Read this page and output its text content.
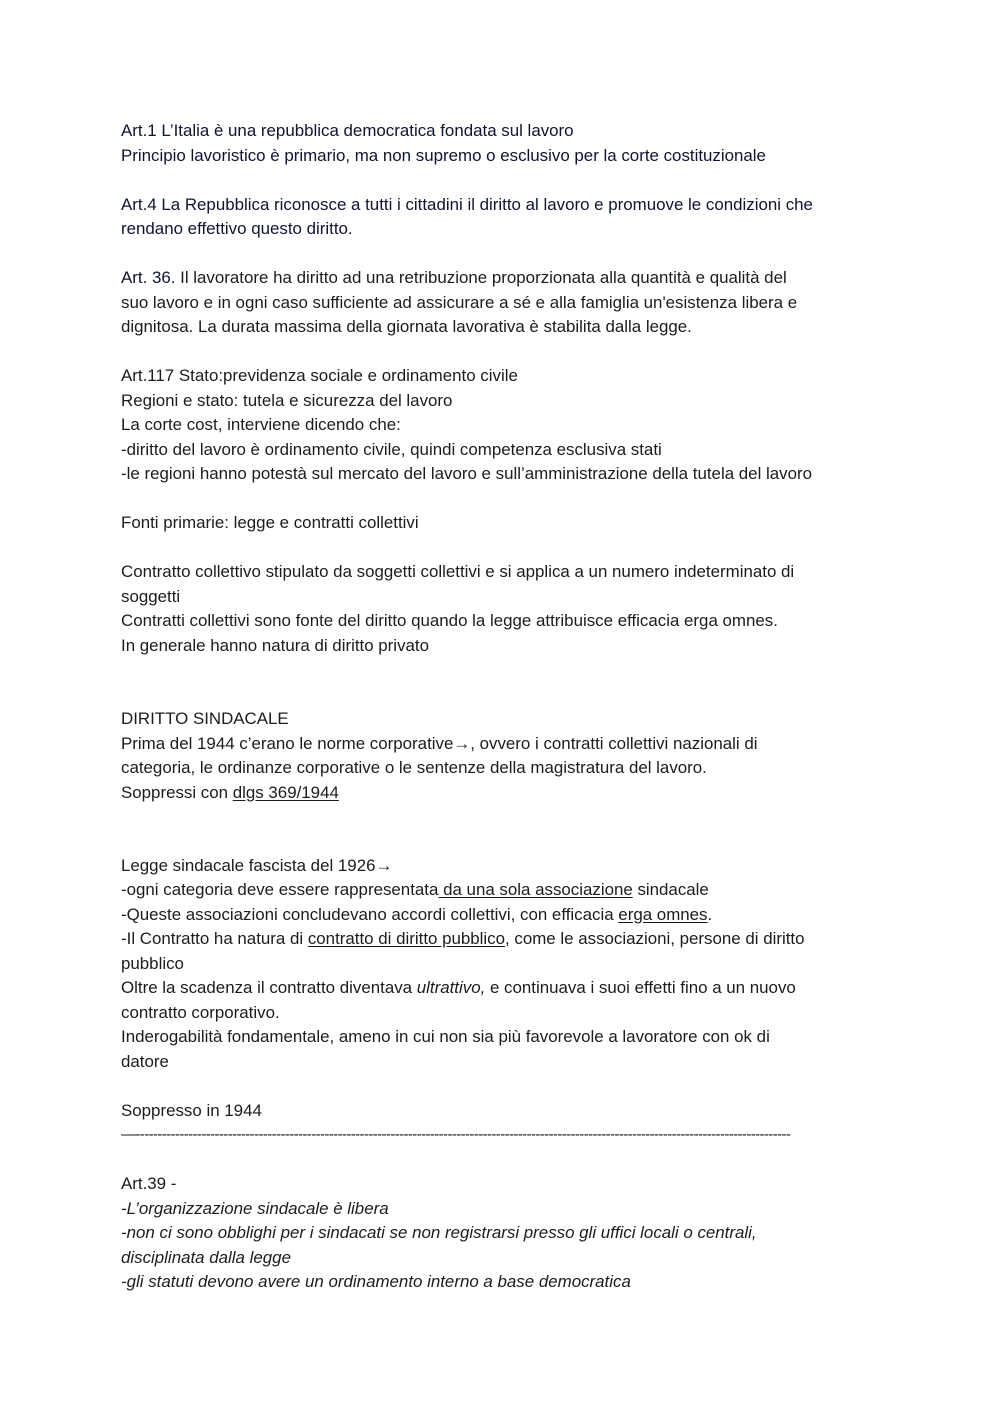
Art.1 L’Italia è una repubblica democratica fondata sul lavoro

Principio lavoristico è primario, ma non supremo o esclusivo per la corte costituzionale

Art.4 La Repubblica riconosce a tutti i cittadini il diritto al lavoro e promuove le condizioni che

rendano effettivo questo diritto.

Art. 36. Il lavoratore ha diritto ad una retribuzione proporzionata alla quantità e qualità del

suo lavoro e in ogni caso sufficiente ad assicurare a sé e alla famiglia un'esistenza libera e

dignitosa. La durata massima della giornata lavorativa è stabilita dalla legge.

Art.117 Stato:previdenza sociale e ordinamento civile

Regioni e stato: tutela e sicurezza del lavoro

La corte cost, interviene dicendo che:

-diritto del lavoro è ordinamento civile, quindi competenza esclusiva stati

-le regioni hanno potestà sul mercato del lavoro e sull’amministrazione della tutela del lavoro

Fonti primarie: legge e contratti collettivi

Contratto collettivo stipulato da soggetti collettivi e si applica a un numero indeterminato di

soggetti

Contratti collettivi sono fonte del diritto quando la legge attribuisce efficacia erga omnes.

In generale hanno natura di diritto privato

DIRITTO SINDACALE

Prima del 1944 c’erano le norme corporative→, ovvero i contratti collettivi nazionali di

categoria, le ordinanze corporative o le sentenze della magistratura del lavoro.

Soppressi con dlgs 369/1944

Legge sindacale fascista del 1926→

-ogni categoria deve essere rappresentata da una sola associazione sindacale

-Queste associazioni concludevano accordi collettivi, con efficacia erga omnes.

-Il Contratto ha natura di contratto di diritto pubblico, come le associazioni, persone di diritto

pubblico

Oltre la scadenza il contratto diventava ultrattivo, e continuava i suoi effetti fino a un nuovo

contratto corporativo.

Inderogabilità fondamentale, ameno in cui non sia più favorevole a lavoratore con ok di

datore

Soppresso in 1944

—-----------------------------------------------------------------------------------------------------------------------------------------------------

Art.39 -

-L’organizzazione sindacale è libera

-non ci sono obblighi per i sindacati se non registrarsi presso gli uffici locali o centrali,

disciplinata dalla legge

-gli statuti devono avere un ordinamento interno a base democratica
